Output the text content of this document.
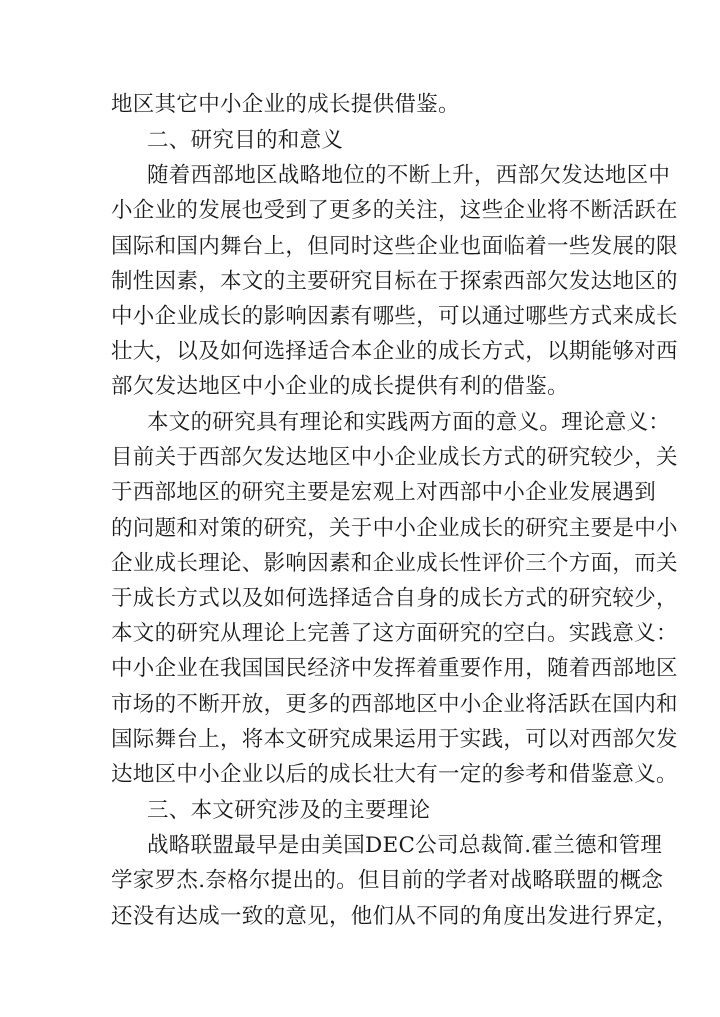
地区其它中小企业的成长提供借鉴。
二、研究目的和意义
随着西部地区战略地位的不断上升，西部欠发达地区中
小企业的发展也受到了更多的关注，这些企业将不断活跃在
国际和国内舞台上，但同时这些企业也面临着一些发展的限
制性因素，本文的主要研究目标在于探索西部欠发达地区的
中小企业成长的影响因素有哪些，可以通过哪些方式来成长
壮大，以及如何选择适合本企业的成长方式，以期能够对西
部欠发达地区中小企业的成长提供有利的借鉴。
本文的研究具有理论和实践两方面的意义。理论意义：
目前关于西部欠发达地区中小企业成长方式的研究较少，关
于西部地区的研究主要是宏观上对西部中小企业发展遇到
的问题和对策的研究，关于中小企业成长的研究主要是中小
企业成长理论、影响因素和企业成长性评价三个方面，而关
于成长方式以及如何选择适合自身的成长方式的研究较少，
本文的研究从理论上完善了这方面研究的空白。实践意义：
中小企业在我国国民经济中发挥着重要作用，随着西部地区
市场的不断开放，更多的西部地区中小企业将活跃在国内和
国际舞台上，将本文研究成果运用于实践，可以对西部欠发
达地区中小企业以后的成长壮大有一定的参考和借鉴意义。
三、本文研究涉及的主要理论
战略联盟最早是由美国DEC公司总裁简.霍兰德和管理
学家罗杰.奈格尔提出的。但目前的学者对战略联盟的概念
还没有达成一致的意见，他们从不同的角度出发进行界定，
